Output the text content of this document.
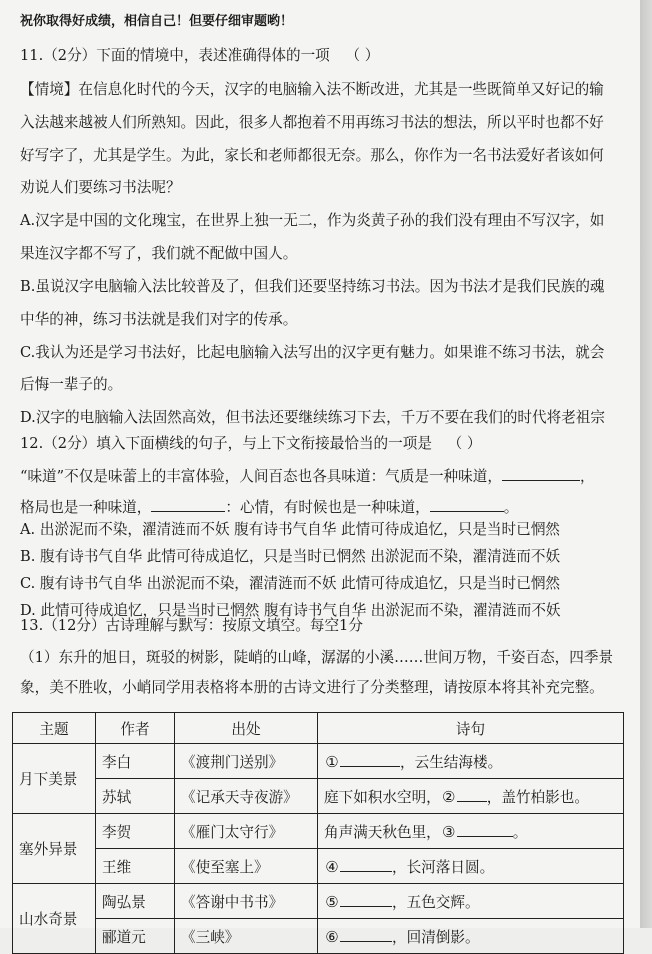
祝你取得好成绩，相信自己！但要仔细审题哟！
11.（2分）下面的情境中，表述准确得体的一项 （ ）
【情境】在信息化时代的今天，汉字的电脑输入法不断改进，尤其是一些既简单又好记的输
入法越来越被人们所熟知。因此，很多人都抱着不用再练习书法的想法，所以平时也都不好
好写字了，尤其是学生。为此，家长和老师都很无奈。那么，你作为一名书法爱好者该如何
劝说人们要练习书法呢？
A.汉字是中国的文化瑰宝，在世界上独一无二，作为炎黄子孙的我们没有理由不写汉字，如
果连汉字都不写了，我们就不配做中国人。
B.虽说汉字电脑输入法比较普及了，但我们还要坚持练习书法。因为书法才是我们民族的魂
中华的神，练习书法就是我们对字的传承。
C.我认为还是学习书法好，比起电脑输入法写出的汉字更有魅力。如果谁不练习书法，就会
后悔一辈子的。
D.汉字的电脑输入法固然高效，但书法还要继续练习下去，千万不要在我们的时代将老祖宗
12.（2分）填入下面横线的句子，与上下文衔接最恰当的一项是 （ ）
“味道”不仅是味蕾上的丰富体验，人间百态也各具味道：气质是一种味道，	，
格局也是一种味道，	：心情，有时候也是一种味道，	。
A. 出淤泥而不染，濯清涟而不妖 腹有诗书气自华 此情可待成追忆，只是当时已惘然
B. 腹有诗书气自华 此情可待成追忆，只是当时已惘然 出淤泥而不染，濯清涟而不妖
C. 腹有诗书气自华 出淤泥而不染，濯清涟而不妖 此情可待成追忆，只是当时已惘然
D. 此情可待成追忆，只是当时已惘然 腹有诗书气自华 出淤泥而不染，濯清涟而不妖
13.（12分）古诗理解与默写：按原文填空。每空1分
主题	作者	出处	诗句
月下美景	李白	《渡荆门送别》	① ，云生结海楼。
	苏轼	《记承天寺夜游》	庭下如积水空明，② ，盖竹柏影也。
塞外异景	李贺	《雁门太守行》	角声满天秋色里，③ 。
	王维	《使至塞上》	④ ，长河落日圆。
山水奇景	陶弘景	《答谢中书书》	⑤ ，五色交辉。
	郦道元	《三峡》	⑥ ，回清倒影。
（1）东升的旭日，斑驳的树影，陡峭的山峰，潺潺的小溪……世间万物，千姿百态，四季景
象，美不胜收，小峭同学用表格将本册的古诗文进行了分类整理，请按原本将其补充完整。
